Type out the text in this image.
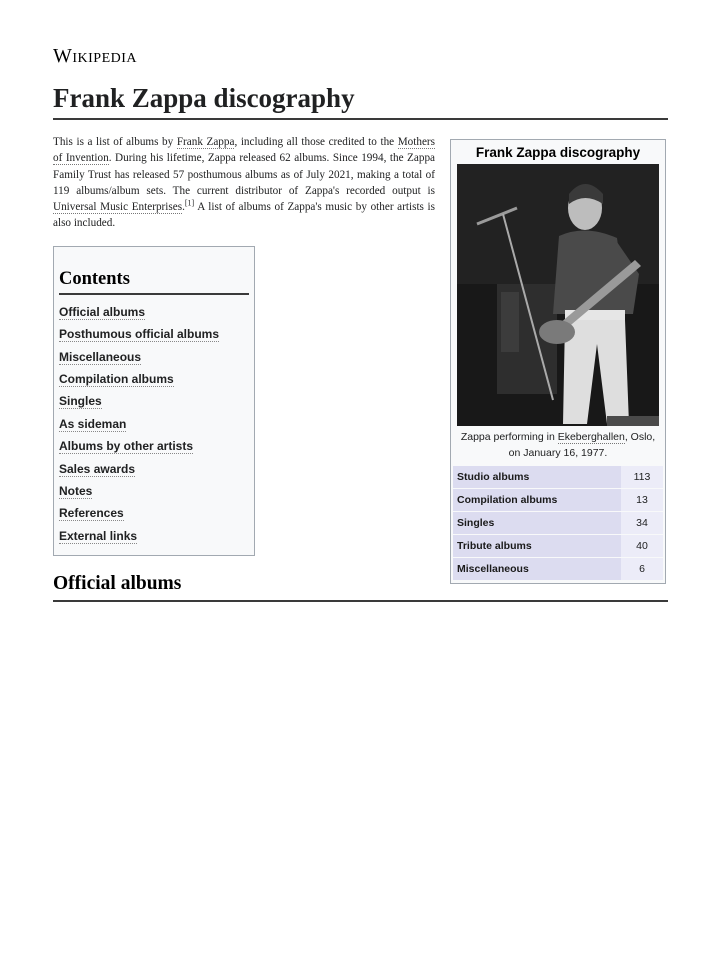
Wikipedia
Frank Zappa discography

This is a list of albums by Frank Zappa, including all those credited to the Mothers of Invention. During his lifetime, Zappa released 62 albums. Since 1994, the Zappa Family Trust has released 57 posthumous albums as of July 2021, making a total of 119 albums/album sets. The current distributor of Zappa's recorded output is Universal Music Enterprises.[1] A list of albums of Zappa's music by other artists is also included.

Contents
Official albums
Posthumous official albums
Miscellaneous
Compilation albums
Singles
As sideman
Albums by other artists
Sales awards
Notes
References
External links
Frank Zappa discography
Zappa performing in Ekeberghallen, Oslo, on January 16, 1977.
Studio albums	113
Compilation albums	13
Singles	34
Tribute albums	40
Miscellaneous	6
Official albums
